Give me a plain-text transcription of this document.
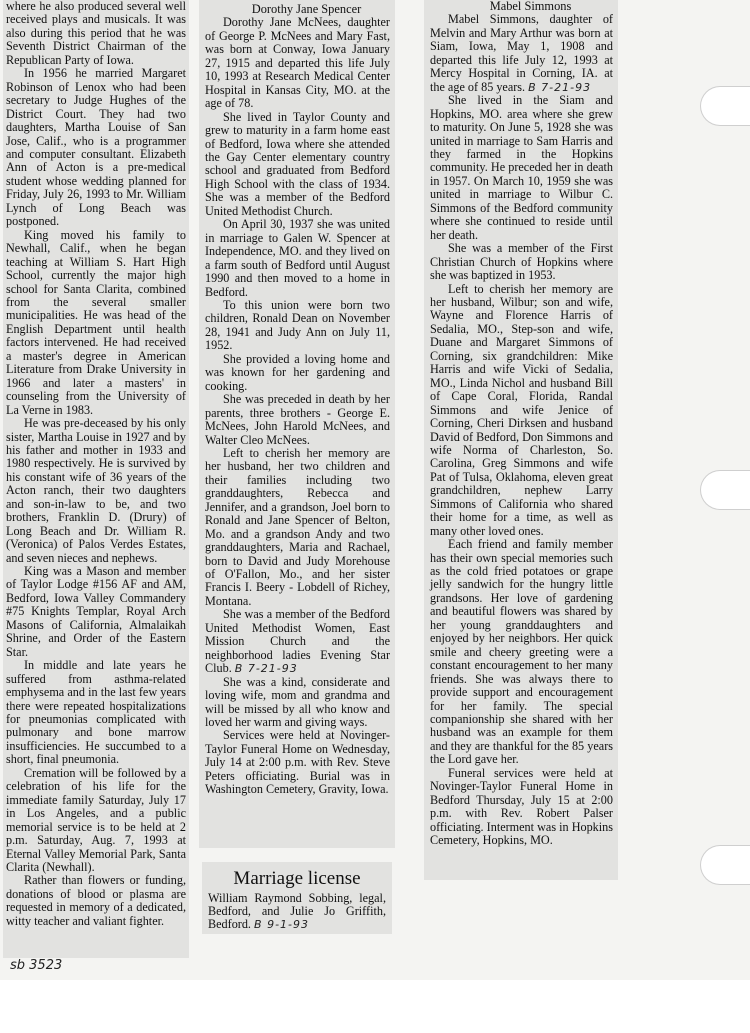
where he also produced several well received plays and musicals. It was also during this period that he was Seventh District Chairman of the Republican Party of Iowa.

In 1956 he married Margaret Robinson of Lenox who had been secretary to Judge Hughes of the District Court. They had two daughters, Martha Louise of San Jose, Calif., who is a programmer and computer consultant. Elizabeth Ann of Acton is a pre-medical student whose wedding planned for Friday, July 26, 1993 to Mr. William Lynch of Long Beach was postponed.

King moved his family to Newhall, Calif., when he began teaching at William S. Hart High School, currently the major high school for Santa Clarita, combined from the several smaller municipalities. He was head of the English Department until health factors intervened. He had received a master's degree in American Literature from Drake University in 1966 and later a masters' in counseling from the University of La Verne in 1983.

He was pre-deceased by his only sister, Martha Louise in 1927 and by his father and mother in 1933 and 1980 respectively. He is survived by his constant wife of 36 years of the Acton ranch, their two daughters and son-in-law to be, and two brothers, Franklin D. (Drury) of Long Beach and Dr. William R. (Veronica) of Palos Verdes Estates, and seven nieces and nephews.

King was a Mason and member of Taylor Lodge #156 AF and AM, Bedford, Iowa Valley Commandery #75 Knights Templar, Royal Arch Masons of California, Almalaikah Shrine, and Order of the Eastern Star.

In middle and late years he suffered from asthma-related emphysema and in the last few years there were repeated hospitalizations for pneumonias complicated with pulmonary and bone marrow insufficiencies. He succumbed to a short, final pneumonia.

Cremation will be followed by a celebration of his life for the immediate family Saturday, July 17 in Los Angeles, and a public memorial service is to be held at 2 p.m. Saturday, Aug. 7, 1993 at Eternal Valley Memorial Park, Santa Clarita (Newhall).

Rather than flowers or funding, donations of blood or plasma are requested in memory of a dedicated, witty teacher and valiant fighter.

Dorothy Jane Spencer

Dorothy Jane McNees, daughter of George P. McNees and Mary Fast, was born at Conway, Iowa January 27, 1915 and departed this life July 10, 1993 at Research Medical Center Hospital in Kansas City, MO. at the age of 78.

She lived in Taylor County and grew to maturity in a farm home east of Bedford, Iowa where she attended the Gay Center elementary country school and graduated from Bedford High School with the class of 1934. She was a member of the Bedford United Methodist Church.

On April 30, 1937 she was united in marriage to Galen W. Spencer at Independence, MO. and they lived on a farm south of Bedford until August 1990 and then moved to a home in Bedford.

To this union were born two children, Ronald Dean on November 28, 1941 and Judy Ann on July 11, 1952.

She provided a loving home and was known for her gardening and cooking.

She was preceded in death by her parents, three brothers - George E. McNees, John Harold McNees, and Walter Cleo McNees.

Left to cherish her memory are her husband, her two children and their families including two granddaughters, Rebecca and Jennifer, and a grandson, Joel born to Ronald and Jane Spencer of Belton, Mo. and a grandson Andy and two granddaughters, Maria and Rachael, born to David and Judy Morehouse of O'Fallon, Mo., and her sister Francis I. Beery - Lobdell of Richey, Montana.

She was a member of the Bedford United Methodist Women, East Mission Church and the neighborhood ladies Evening Star Club. B 7-21-93

She was a kind, considerate and loving wife, mom and grandma and will be missed by all who know and loved her warm and giving ways.

Services were held at Novinger-Taylor Funeral Home on Wednesday, July 14 at 2:00 p.m. with Rev. Steve Peters officiating. Burial was in Washington Cemetery, Gravity, Iowa.

Mabel Simmons

Mabel Simmons, daughter of Melvin and Mary Arthur was born at Siam, Iowa, May 1, 1908 and departed this life July 12, 1993 at Mercy Hospital in Corning, IA. at the age of 85 years. B 7-21-93

She lived in the Siam and Hopkins, MO. area where she grew to maturity. On June 5, 1928 she was united in marriage to Sam Harris and they farmed in the Hopkins community. He preceded her in death in 1957. On March 10, 1959 she was united in marriage to Wilbur C. Simmons of the Bedford community where she continued to reside until her death.

She was a member of the First Christian Church of Hopkins where she was baptized in 1953.

Left to cherish her memory are her husband, Wilbur; son and wife, Wayne and Florence Harris of Sedalia, MO., Step-son and wife, Duane and Margaret Simmons of Corning, six grandchildren: Mike Harris and wife Vicki of Sedalia, MO., Linda Nichol and husband Bill of Cape Coral, Florida, Randal Simmons and wife Jenice of Corning, Cheri Dirksen and husband David of Bedford, Don Simmons and wife Norma of Charleston, So. Carolina, Greg Simmons and wife Pat of Tulsa, Oklahoma, eleven great grandchildren, nephew Larry Simmons of California who shared their home for a time, as well as many other loved ones.

Each friend and family member has their own special memories such as the cold fried potatoes or grape jelly sandwich for the hungry little grandsons. Her love of gardening and beautiful flowers was shared by her young granddaughters and enjoyed by her neighbors. Her quick smile and cheery greeting were a constant encouragement to her many friends. She was always there to provide support and encouragement for her family. The special companionship she shared with her husband was an example for them and they are thankful for the 85 years the Lord gave her.

Funeral services were held at Novinger-Taylor Funeral Home in Bedford Thursday, July 15 at 2:00 p.m. with Rev. Robert Palser officiating. Interment was in Hopkins Cemetery, Hopkins, MO.

Marriage license
William Raymond Sobbing, legal, Bedford, and Julie Jo Griffith, Bedford. B 9-1-93
sb 3523
